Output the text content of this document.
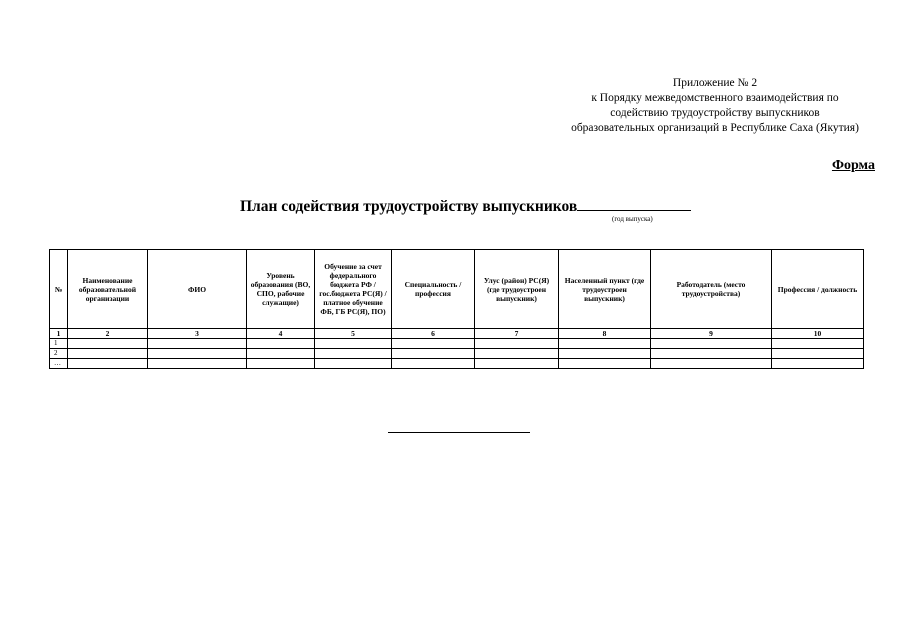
Приложение № 2
к Порядку межведомственного взаимодействия по
содействию трудоустройству выпускников
образовательных организаций в Республике Саха (Якутия)
Форма
План содействия трудоустройству выпускников
(год выпуска)
№	Наименование образовательной организации	ФИО	Уровень образования (ВО, СПО, рабочие служащие)	Обучение за счет федерального бюджета РФ / гос.бюджета РС(Я) / платное обучение ФБ, ГБ РС(Я), ПО)	Специальность / профессия	Улус (район) РС(Я) (где трудоустроен выпускник)	Населенный пункт (где трудоустроен выпускник)	Работодатель (место трудоустройства)	Профессия / должность
1	2	3	4	5	6	7	8	9	10
1									
2									
…									
